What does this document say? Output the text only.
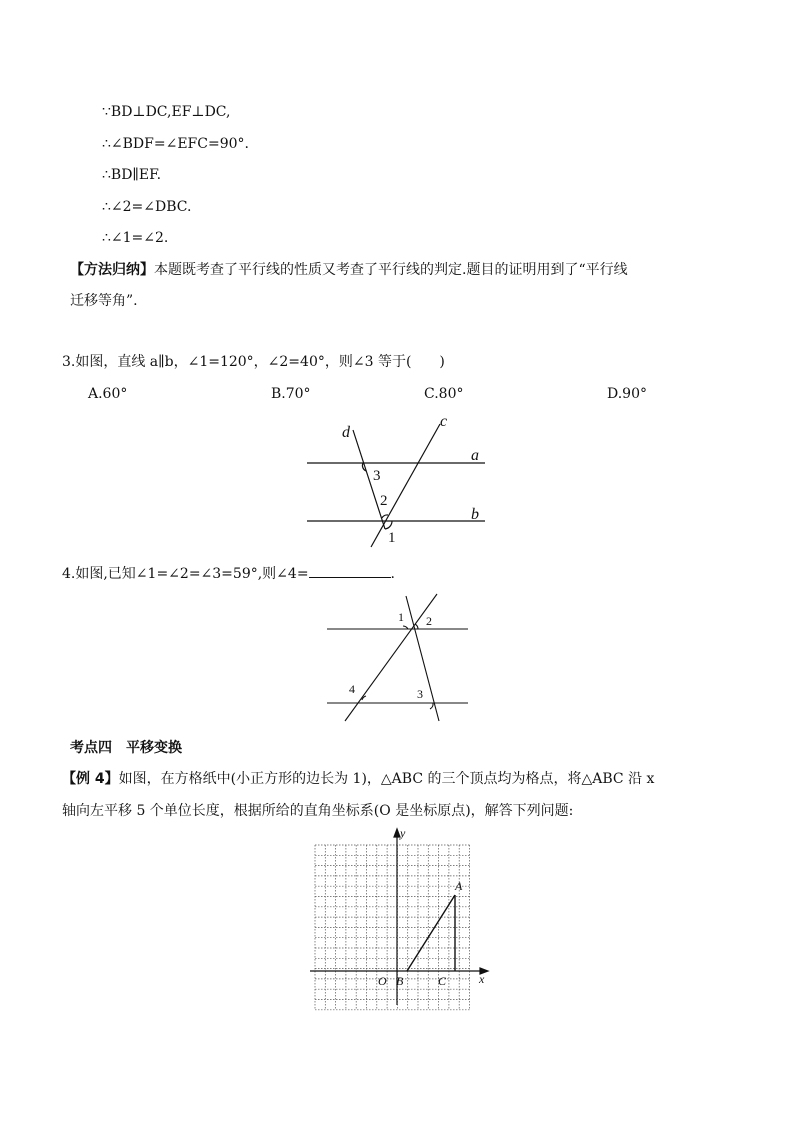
∵BD⊥DC,EF⊥DC,
∴∠BDF=∠EFC=90°.
∴BD∥EF.
∴∠2=∠DBC.
∴∠1=∠2.
【方法归纳】本题既考查了平行线的性质又考查了平行线的判定.题目的证明用到了“平行线
迁移等角”.
3.如图，直线 a∥b，∠1=120°，∠2=40°，则∠3 等于(　　)
A.60°	B.70°	C.80°	D.90°
d
c
a
b
3
2
1
4.如图,已知∠1=∠2=∠3=59°,则∠4=	.
1 2
3
4
考点四　平移变换
【例 4】如图，在方格纸中(小正方形的边长为 1)，△ABC 的三个顶点均为格点，将△ABC 沿 x
轴向左平移 5 个单位长度，根据所给的直角坐标系(O 是坐标原点)，解答下列问题:
y
x
O
A
B	C
